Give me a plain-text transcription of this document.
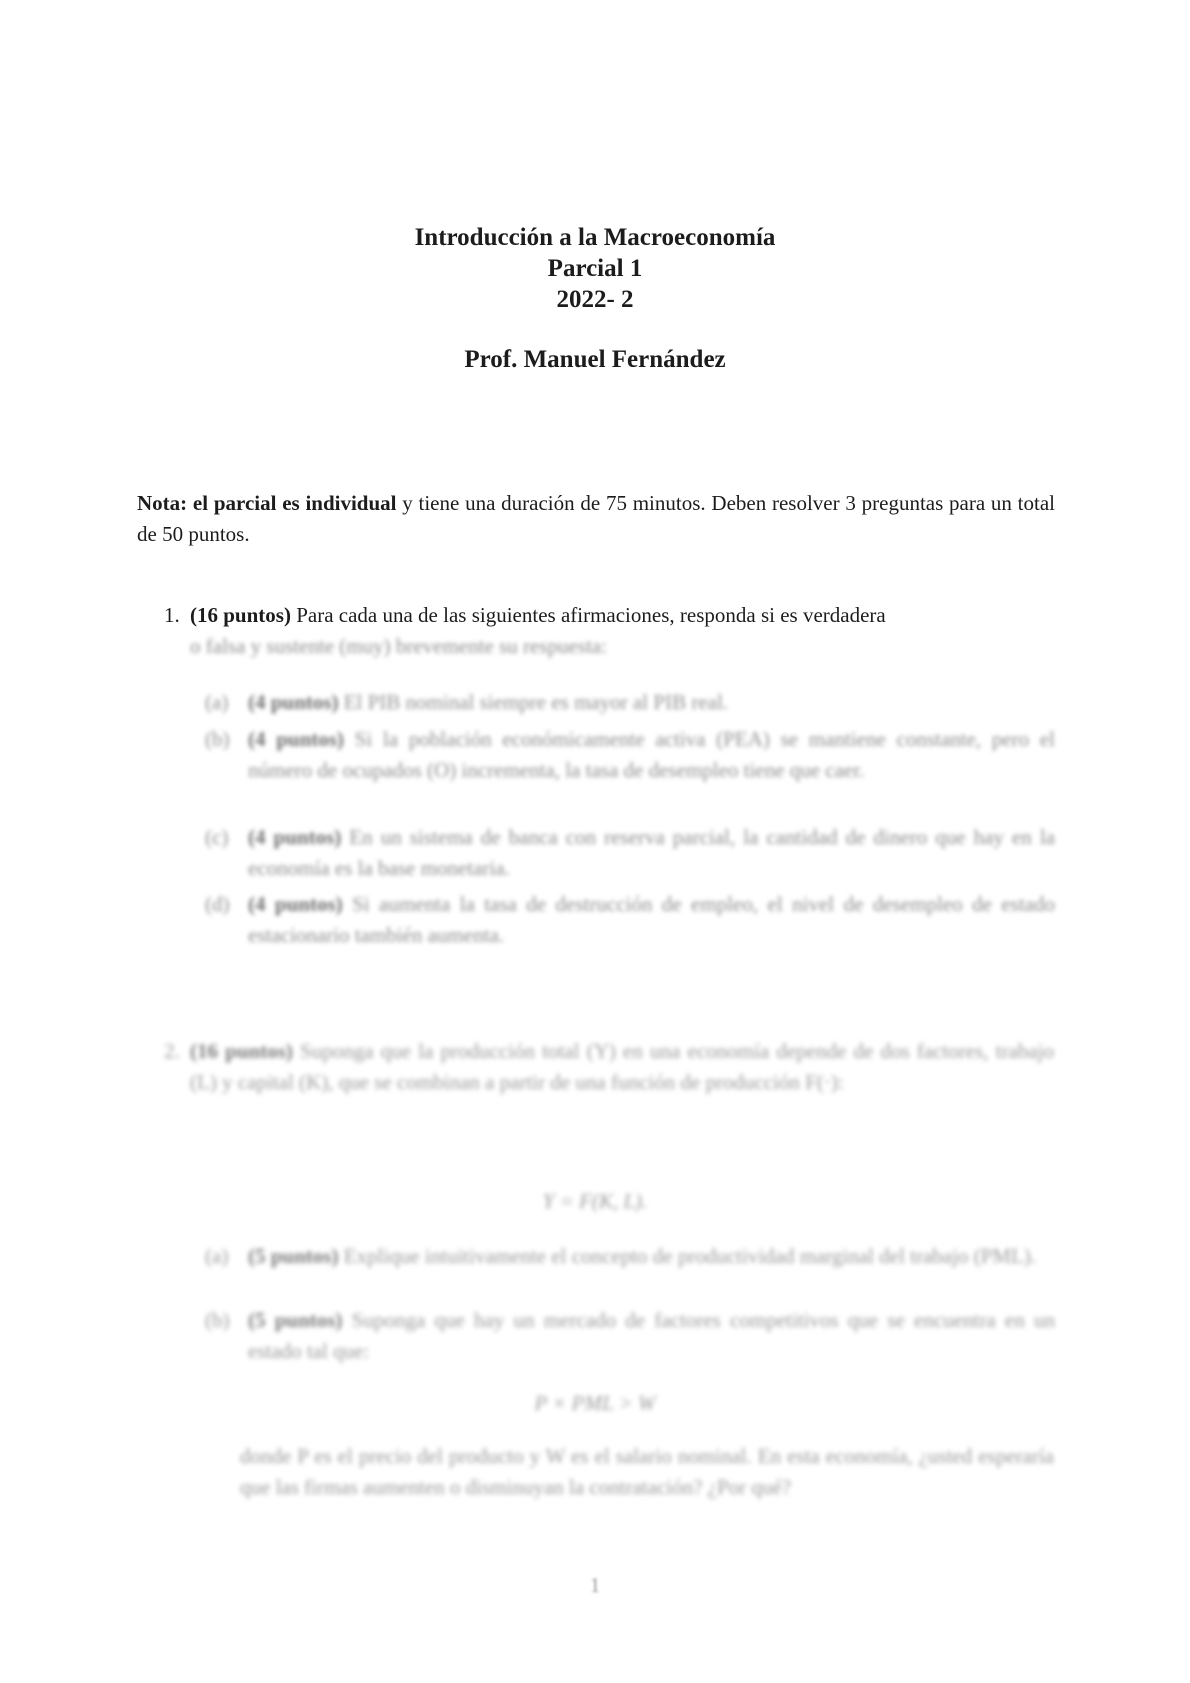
Introducción a la Macroeconomía
Parcial 1
2022- 2
Prof. Manuel Fernández

Nota: el parcial es individual y tiene una duración de 75 minutos. Deben resolver 3 preguntas para un total de 50 puntos.

1. (16 puntos) Para cada una de las siguientes afirmaciones, responda si es verdadera
o falsa y sustente (muy) brevemente su respuesta:
(a) (4 puntos) El PIB nominal siempre es mayor al PIB real.
(b) (4 puntos) Si la población económicamente activa (PEA) se mantiene constante, pero el número de ocupados (O) incrementa, la tasa de desempleo tiene que caer.
(c) (4 puntos) En un sistema de banca con reserva parcial, la cantidad de dinero que hay en la economía es la base monetaria.
(d) (4 puntos) Si aumenta la tasa de destrucción de empleo, el nivel de desempleo de estado estacionario también aumenta.
2. (16 puntos) Suponga que la producción total (Y) en una economía depende de dos factores, trabajo (L) y capital (K), que se combinan a partir de una función de producción F(·):
Y = F(K, L).
(a) (5 puntos) Explique intuitivamente el concepto de productividad marginal del trabajo (PML).
(b) (5 puntos) Suponga que hay un mercado de factores competitivos que se encuentra en un estado tal que:
P × PML > W
donde P es el precio del producto y W es el salario nominal. En esta economía, ¿usted esperaría que las firmas aumenten o disminuyan la contratación? ¿Por qué?
1
